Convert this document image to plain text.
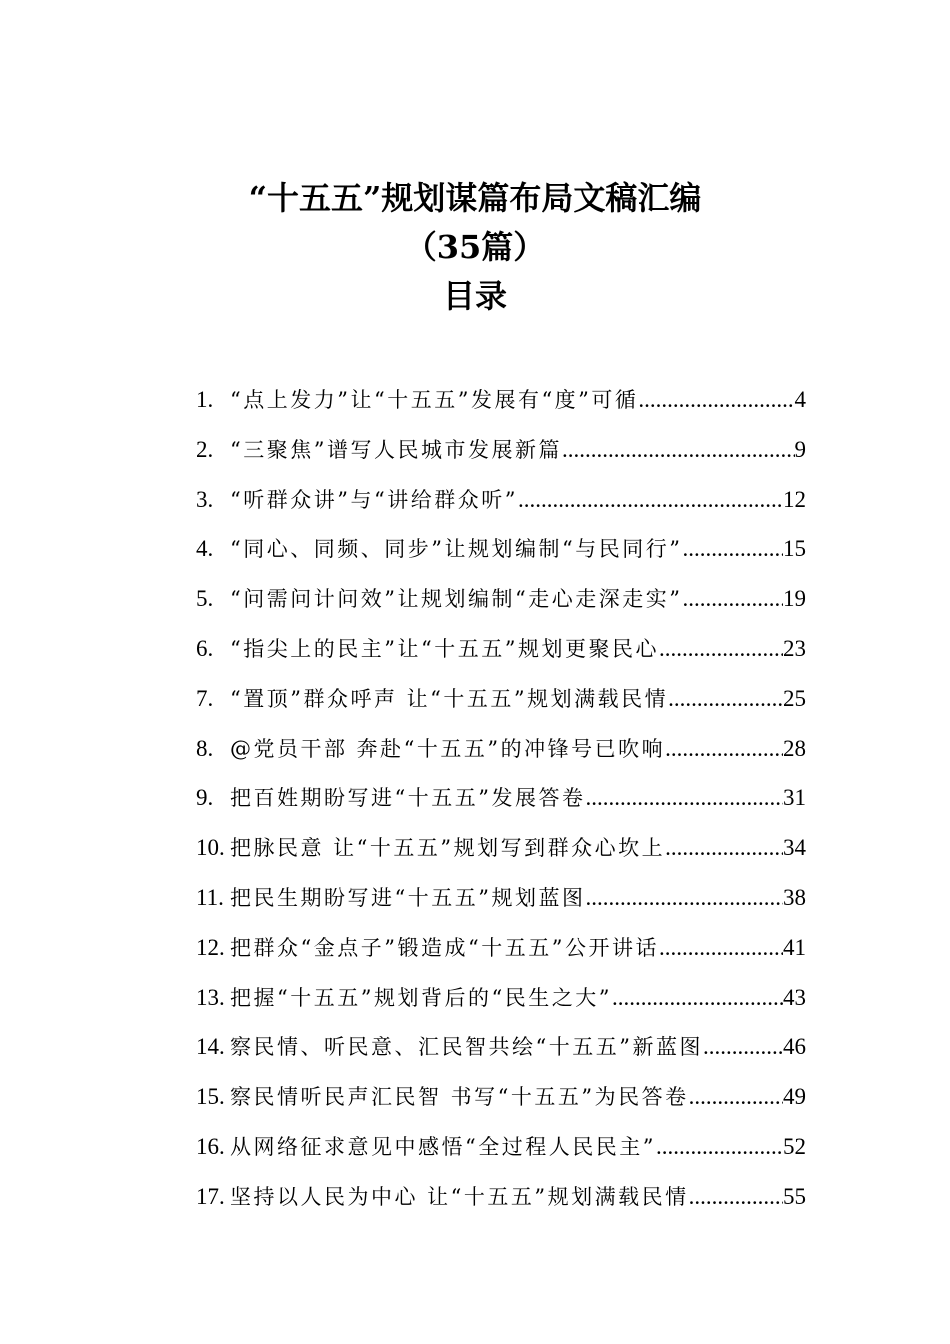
“十五五”规划谋篇布局文稿汇编
（35篇）
目录
1. “点上发力”让“十五五”发展有“度”可循 .....	4
2. “三聚焦”谱写人民城市发展新篇 .....	9
3. “听群众讲”与“讲给群众听” .....	12
4. “同心、同频、同步”让规划编制“与民同行” .....	15
5. “问需问计问效”让规划编制“走心走深走实” .....	19
6. “指尖上的民主”让“十五五”规划更聚民心 .....	23
7. “置顶”群众呼声 让“十五五”规划满载民情 .....	25
8. @党员干部 奔赴“十五五”的冲锋号已吹响 .....	28
9. 把百姓期盼写进“十五五”发展答卷 .....	31
10. 把脉民意 让“十五五”规划写到群众心坎上 .....	34
11. 把民生期盼写进“十五五”规划蓝图 .....	38
12. 把群众“金点子”锻造成“十五五”公开讲话 .....	41
13. 把握“十五五”规划背后的“民生之大” .....	43
14. 察民情、听民意、汇民智共绘“十五五”新蓝图 .....	46
15. 察民情听民声汇民智 书写“十五五”为民答卷 .....	49
16. 从网络征求意见中感悟“全过程人民民主” .....	52
17. 坚持以人民为中心 让“十五五”规划满载民情 .....	55
